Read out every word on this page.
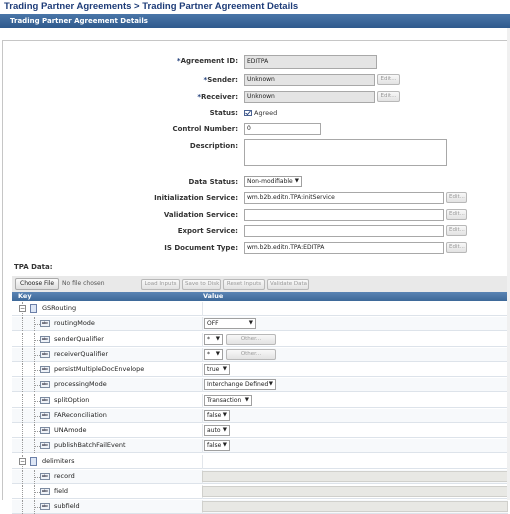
Trading Partner Agreements > Trading Partner Agreement Details
Trading Partner Agreement Details
*Agreement ID:	EDITPA
*Sender:	Unknown	Edit...
*Receiver:	Unknown	Edit...
Status:	Agreed
Control Number:	0
Description:
Data Status:	Non-modifiable ▼
Initialization Service:	wm.b2b.editn.TPA:initService	Edit...
Validation Service:	Edit...
Export Service:	Edit...
IS Document Type:	wm.b2b.editn.TPA:EDITPA	Edit...
TPA Data:
Choose File	No file chosen	Load Inputs	Save to Disk	Reset Inputs	Validate Data
Key	Value
−	GSRouting
abc routingMode	OFF	▼
abc senderQualifier	* ▼	Other...
abc receiverQualifier	* ▼	Other...
abc persistMultipleDocEnvelope	true ▼
abc processingMode	Interchange Defined ▼
abc splitOption	Transaction ▼
abc FAReconciliation	false ▼
abc UNAmode	auto ▼
abc publishBatchFailEvent	false ▼
−	delimiters
abc record
abc field
abc subfield
